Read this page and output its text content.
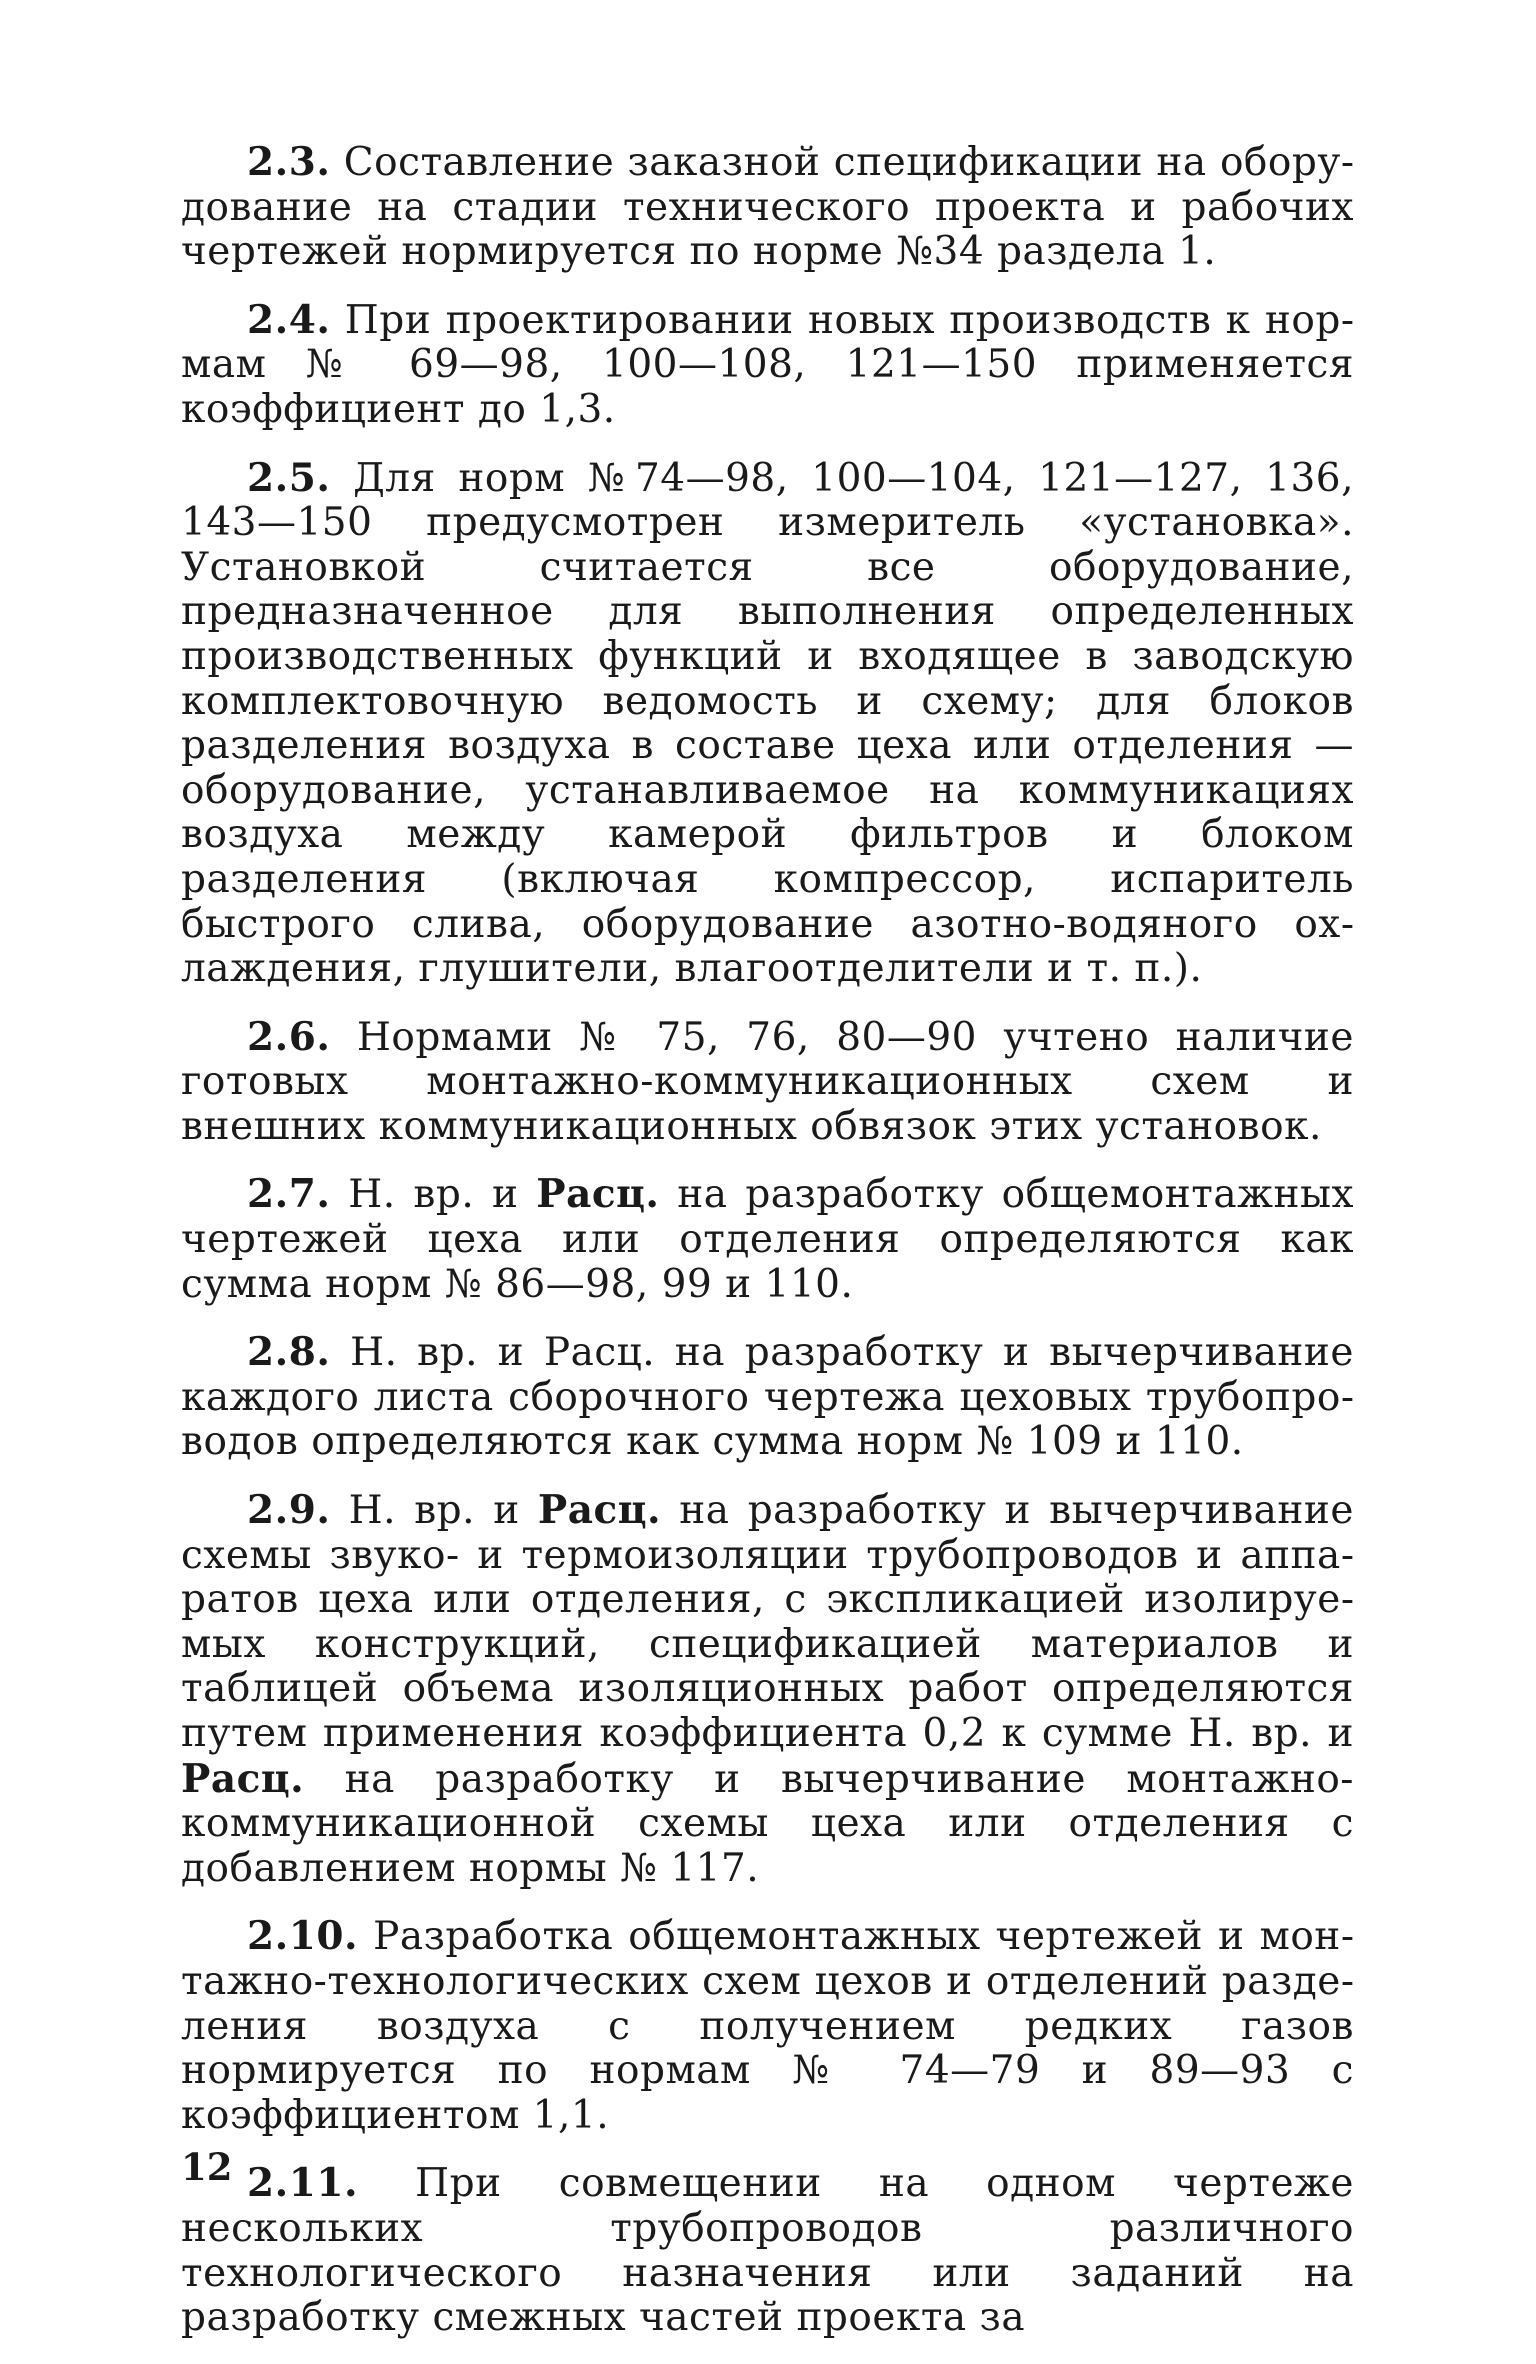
2.3. Составление заказной спецификации на оборудование на стадии технического проекта и рабочих чертежей нормируется по норме №34 раздела 1.

2.4. При проектировании новых производств к нормам № 69—98, 100—108, 121—150 применяется коэффициент до 1,3.

2.5. Для норм №74—98, 100—104, 121—127, 136, 143—150 предусмотрен измеритель «установка». Установкой считается все оборудование, предназначенное для выполнения определенных производственных функций и входящее в заводскую комплектовочную ведомость и схему; для блоков разделения воздуха в составе цеха или отделения — оборудование, устанавливаемое на коммуникациях воздуха между камерой фильтров и блоком разделения (включая компрессор, испаритель быстрого слива, оборудование азотно-водяного охлаждения, глушители, влагоотделители и т. п.).

2.6. Нормами № 75, 76, 80—90 учтено наличие готовых монтажно-коммуникационных схем и внешних коммуникационных обвязок этих установок.

2.7. Н. вр. и Расц. на разработку общемонтажных чертежей цеха или отделения определяются как сумма норм № 86—98, 99 и 110.

2.8. Н. вр. и Расц. на разработку и вычерчивание каждого листа сборочного чертежа цеховых трубопроводов определяются как сумма норм № 109 и 110.

2.9. Н. вр. и Расц. на разработку и вычерчивание схемы звуко- и термоизоляции трубопроводов и аппаратов цеха или отделения, с экспликацией изолируемых конструкций, спецификацией материалов и таблицей объема изоляционных работ определяются путем применения коэффициента 0,2 к сумме Н. вр. и Расц. на разработку и вычерчивание монтажно-коммуникационной схемы цеха или отделения с добавлением нормы № 117.

2.10. Разработка общемонтажных чертежей и монтажно-технологических схем цехов и отделений разделения воздуха с получением редких газов нормируется по нормам № 74—79 и 89—93 с коэффициентом 1,1.

2.11. При совмещении на одном чертеже нескольких трубопроводов различного технологического назначения или заданий на разработку смежных частей проекта за

12
